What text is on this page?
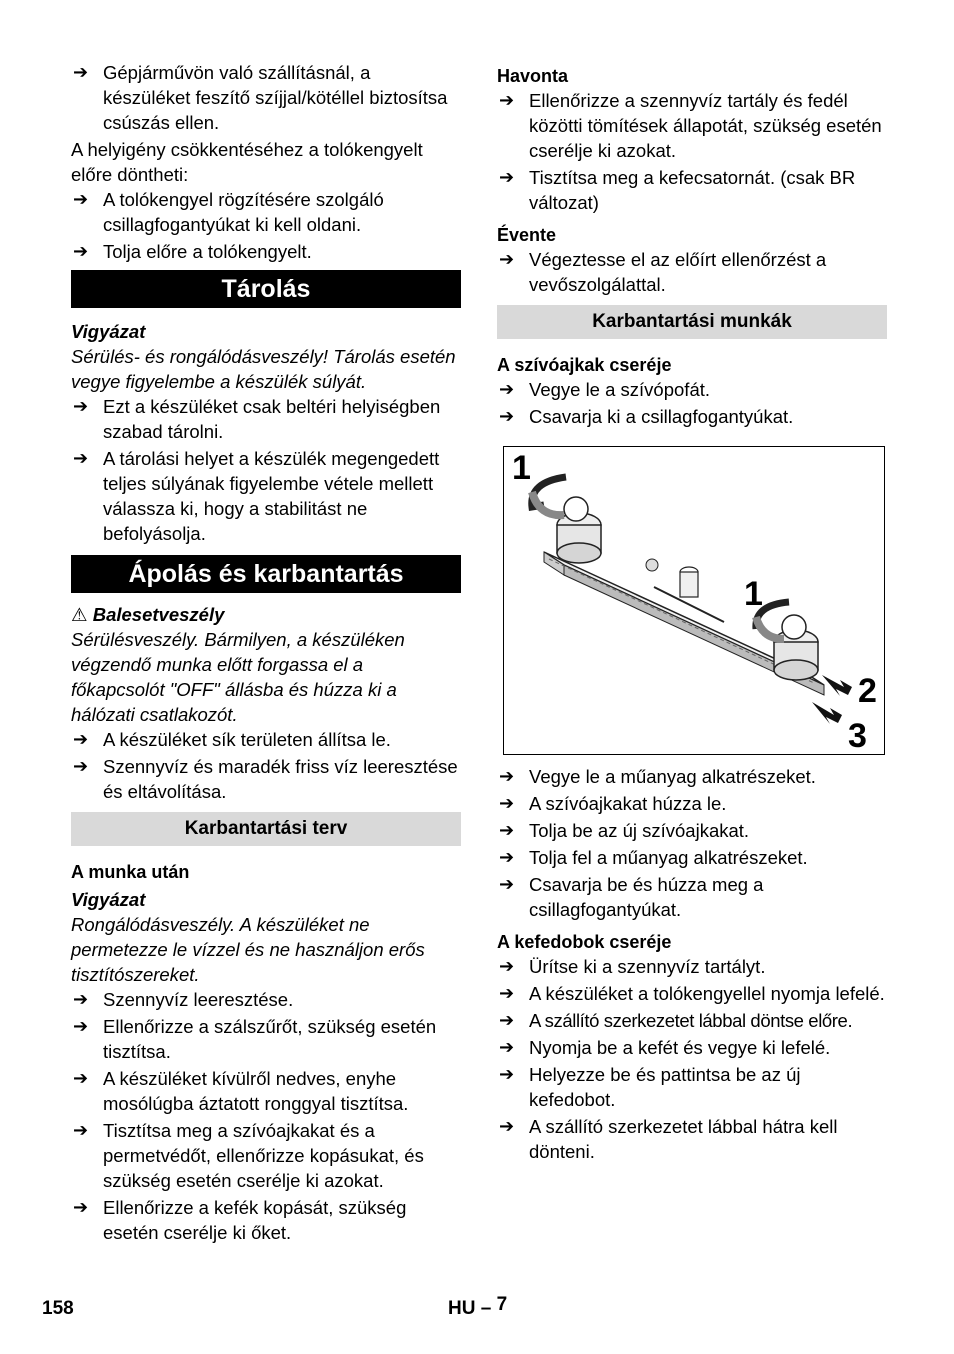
➔ Gépjárművön való szállításnál, a készüléket feszítő szíjjal/kötéllel biztosítsa csúszás ellen.

A helyigény csökkentéséhez a tolókengyelt előre döntheti:

➔ A tolókengyel rögzítésére szolgáló csillagfogantyúkat ki kell oldani.
➔ Tolja előre a tolókengyelt.
Tárolás

Vigyázat

Sérülés- és rongálódásveszély! Tárolás esetén vegye figyelembe a készülék súlyát.

➔ Ezt a készüléket csak beltéri helyiségben szabad tárolni.
➔ A tárolási helyet a készülék megengedett teljes súlyának figyelembe vétele mellett válassza ki, hogy a stabilitást ne befolyásolja.
Ápolás és karbantartás

⚠ Balesetveszély

Sérülésveszély. Bármilyen, a készüléken végzendő munka előtt forgassa el a főkapcsolót "OFF" állásba és húzza ki a hálózati csatlakozót.

➔ A készüléket sík területen állítsa le.
➔ Szennyvíz és maradék friss víz leeresztése és eltávolítása.
Karbantartási terv

A munka után

Vigyázat

Rongálódásveszély. A készüléket ne permetezze le vízzel és ne használjon erős tisztítószereket.

➔ Szennyvíz leeresztése.
➔ Ellenőrizze a szálszűrőt, szükség esetén tisztítsa.
➔ A készüléket kívülről nedves, enyhe mosólúgba áztatott ronggyal tisztítsa.
➔ Tisztítsa meg a szívóajkakat és a permetvédőt, ellenőrizze kopásukat, és szükség esetén cserélje ki azokat.
➔ Ellenőrizze a kefék kopását, szükség esetén cserélje ki őket.

Havonta

➔ Ellenőrizze a szennyvíz tartály és fedél közötti tömítések állapotát, szükség esetén cserélje ki azokat.
➔ Tisztítsa meg a kefecsatornát. (csak BR változat)

Évente

➔ Végeztesse el az előírt ellenőrzést a vevőszolgálattal.
Karbantartási munkák

A szívóajkak cseréje

➔ Vegye le a szívópofát.
➔ Csavarja ki a csillagfogantyúkat.
1
1
2
3
➔ Vegye le a műanyag alkatrészeket.
➔ A szívóajkakat húzza le.
➔ Tolja be az új szívóajkakat.
➔ Tolja fel a műanyag alkatrészeket.
➔ Csavarja be és húzza meg a csillagfogantyúkat.

A kefedobok cseréje

➔ Ürítse ki a szennyvíz tartályt.
➔ A készüléket a tolókengyellel nyomja lefelé.
➔ A szállító szerkezetet lábbal döntse előre.
➔ Nyomja be a kefét és vegye ki lefelé.
➔ Helyezze be és pattintsa be az új kefedobot.
➔ A szállító szerkezetet lábbal hátra kell dönteni.
158	HU – 7
